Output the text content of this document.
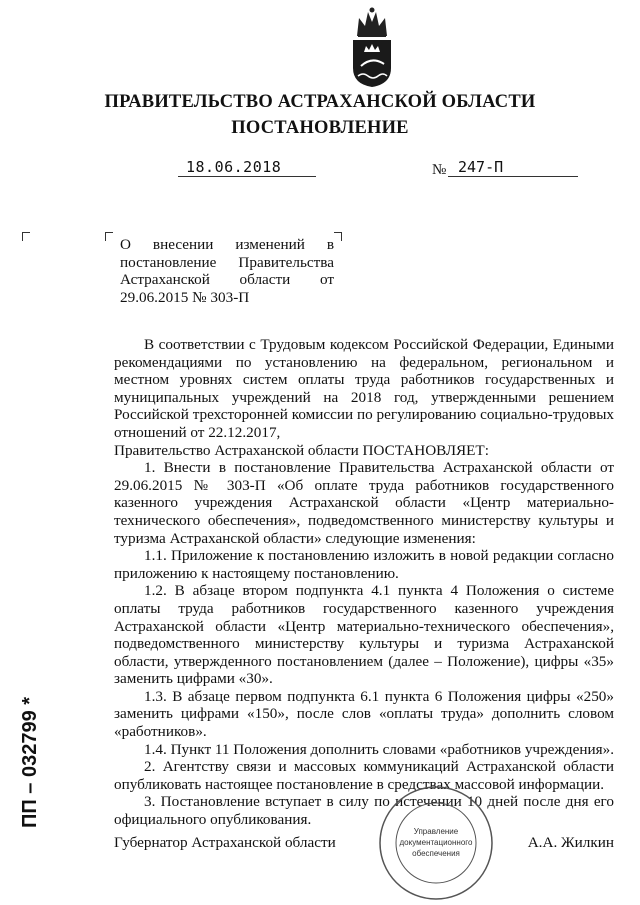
ПРАВИТЕЛЬСТВО АСТРАХАНСКОЙ ОБЛАСТИ
ПОСТАНОВЛЕНИЕ
18.06.2018	№ 247-П
О внесении изменений в
постановление Правительства
Астраханской области от
29.06.2015 № 303-П
В соответствии с Трудовым кодексом Российской Федерации, Едиными рекомендациями по установлению на федеральном, региональном и местном уровнях систем оплаты труда работников государственных и муниципальных учреждений на 2018 год, утвержденными решением Российской трехсторонней комиссии по регулированию социально-трудовых отношений от 22.12.2017,
Правительство Астраханской области ПОСТАНОВЛЯЕТ:
1. Внести в постановление Правительства Астраханской области от 29.06.2015 № 303-П «Об оплате труда работников государственного казенного учреждения Астраханской области «Центр материально-технического обеспечения», подведомственного министерству культуры и туризма Астраханской области» следующие изменения:
1.1. Приложение к постановлению изложить в новой редакции согласно приложению к настоящему постановлению.
1.2. В абзаце втором подпункта 4.1 пункта 4 Положения о системе оплаты труда работников государственного казенного учреждения Астраханской области «Центр материально-технического обеспечения», подведомственного министерству культуры и туризма Астраханской области, утвержденного постановлением (далее – Положение), цифры «35» заменить цифрами «30».
1.3. В абзаце первом подпункта 6.1 пункта 6 Положения цифры «250» заменить цифрами «150», после слов «оплаты труда» дополнить словом «работников».
1.4. Пункт 11 Положения дополнить словами «работников учреждения».
2. Агентству связи и массовых коммуникаций Астраханской области опубликовать настоящее постановление в средствах массовой информации.
3. Постановление вступает в силу по истечении 10 дней после дня его официального опубликования.
Губернатор Астраханской области	А.А. Жилкин
Управление
документационного
обеспечения
ПП – 032799 *
